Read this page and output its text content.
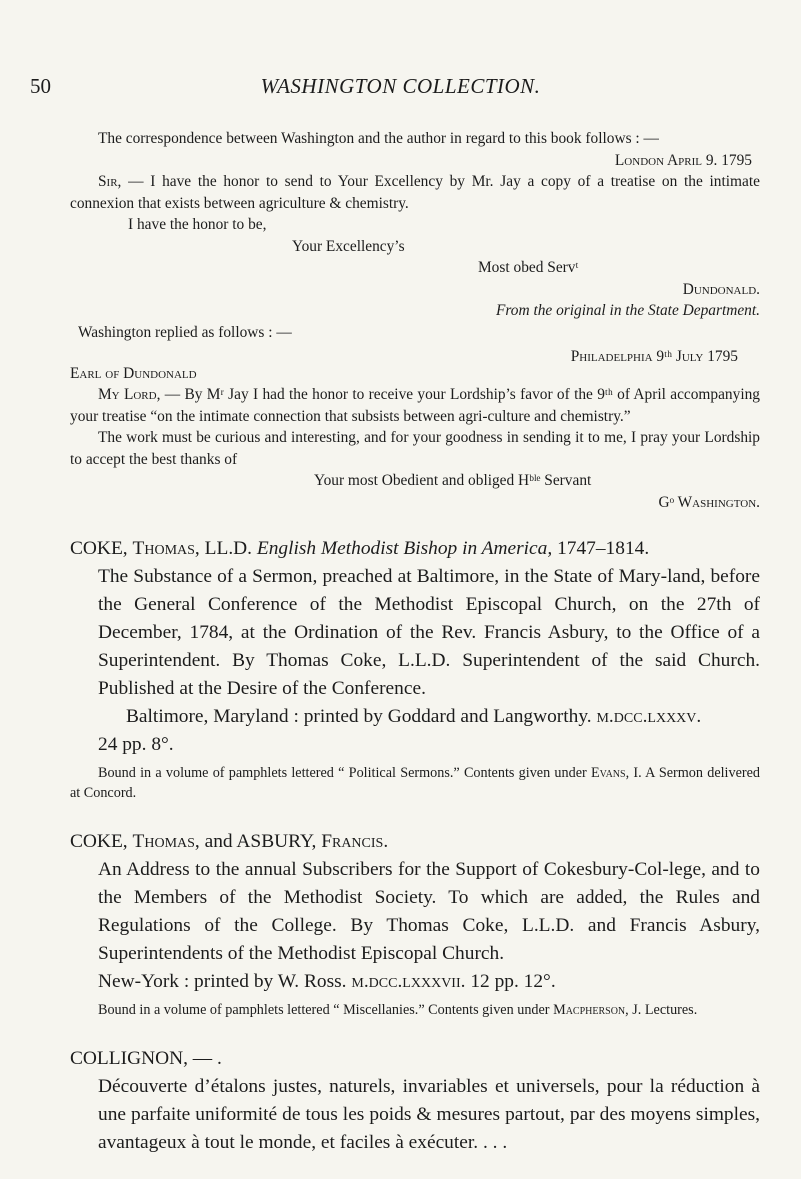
50	WASHINGTON COLLECTION.

The correspondence between Washington and the author in regard to this book follows : —

London April 9. 1795

Sir, — I have the honor to send to Your Excellency by Mr. Jay a copy of a treatise on the intimate connexion that exists between agriculture & chemistry.

I have the honor to be,

Your Excellency’s

Most obed Servᵗ

Dundonald.

From the original in the State Department.

Washington replied as follows : —

Philadelphia 9ᵗʰ July 1795

Earl of Dundonald

My Lord, — By Mʳ Jay I had the honor to receive your Lordship’s favor of the 9ᵗʰ of April accompanying your treatise “on the intimate connection that subsists between agri-culture and chemistry.”

The work must be curious and interesting, and for your goodness in sending it to me, I pray your Lordship to accept the best thanks of

Your most Obedient and obliged Hᵇˡᵉ Servant

Gᵒ Washington.

COKE, Thomas, LL.D. English Methodist Bishop in America, 1747–1814.

The Substance of a Sermon, preached at Baltimore, in the State of Mary-land, before the General Conference of the Methodist Episcopal Church, on the 27th of December, 1784, at the Ordination of the Rev. Francis Asbury, to the Office of a Superintendent. By Thomas Coke, L.L.D. Superintendent of the said Church. Published at the Desire of the Conference.

Baltimore, Maryland : printed by Goddard and Langworthy. m.dcc.lxxxv.

24 pp. 8°.

Bound in a volume of pamphlets lettered “ Political Sermons.” Contents given under Evans, I. A Sermon delivered at Concord.

COKE, Thomas, and ASBURY, Francis.

An Address to the annual Subscribers for the Support of Cokesbury-Col-lege, and to the Members of the Methodist Society. To which are added, the Rules and Regulations of the College. By Thomas Coke, L.L.D. and Francis Asbury, Superintendents of the Methodist Episcopal Church.

New-York : printed by W. Ross. m.dcc.lxxxvii. 12 pp. 12°.

Bound in a volume of pamphlets lettered “ Miscellanies.” Contents given under Macpherson, J. Lectures.

COLLIGNON, — .

Découverte d’étalons justes, naturels, invariables et universels, pour la réduction à une parfaite uniformité de tous les poids & mesures partout, par des moyens simples, avantageux à tout le monde, et faciles à exécuter. . . .
